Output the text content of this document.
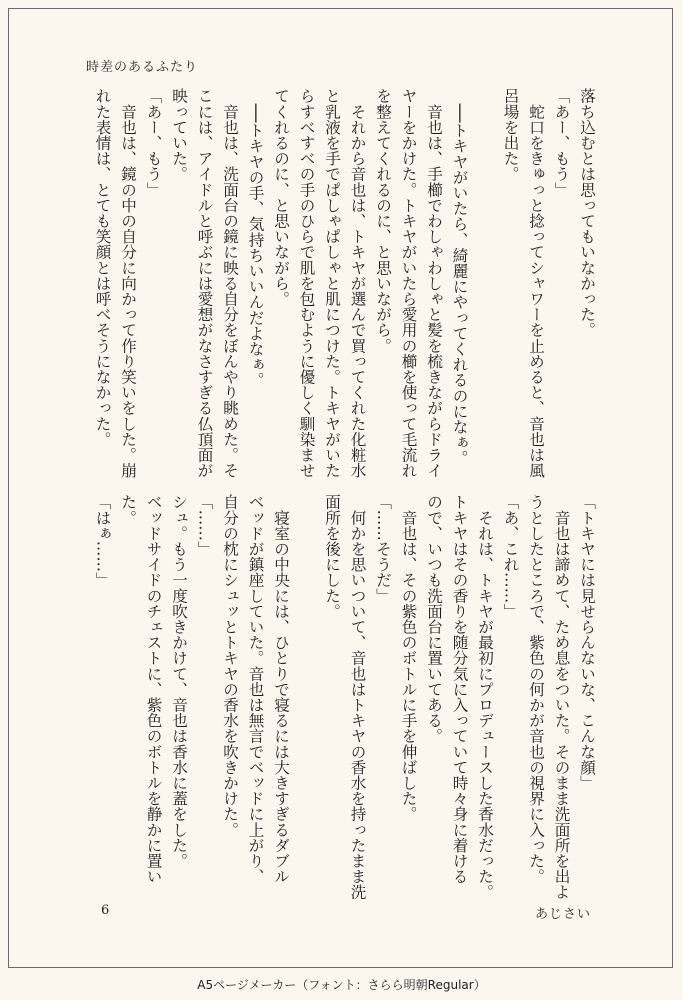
時差のあるふたり
落ち込むとは思ってもいなかった。
「あー、もう」
　蛇口をきゅっと捻ってシャワーを止めると、音也は風
呂場を出た。
　──トキヤがいたら、綺麗にやってくれるのになぁ。
　音也は、手櫛でわしゃわしゃと髪を梳きながらドライ
ヤーをかけた。トキヤがいたら愛用の櫛を使って毛流れ
を整えてくれるのに、と思いながら。
　それから音也は、トキヤが選んで買ってくれた化粧水
と乳液を手でぱしゃぱしゃと肌につけた。トキヤがいた
らすべすべの手のひらで肌を包むように優しく馴染ませ
てくれるのに、と思いながら。
　──トキヤの手、気持ちいいんだよなぁ。
　音也は、洗面台の鏡に映る自分をぼんやり眺めた。そ
こには、アイドルと呼ぶには愛想がなさすぎる仏頂面が
映っていた。
「あー、もう」
　音也は、鏡の中の自分に向かって作り笑いをした。崩
れた表情は、とても笑顔とは呼べそうになかった。
「トキヤには見せらんないな、こんな顔」
　音也は諦めて、ため息をついた。そのまま洗面所を出よ
うとしたところで、紫色の何かが音也の視界に入った。
「あ、これ……」
　それは、トキヤが最初にプロデュースした香水だった。
トキヤはその香りを随分気に入っていて時々身に着ける
ので、いつも洗面台に置いてある。
　音也は、その紫色のボトルに手を伸ばした。
「……そうだ」
　何かを思いついて、音也はトキヤの香水を持ったまま洗
面所を後にした。
　寝室の中央には、ひとりで寝るには大きすぎるダブル
ベッドが鎮座していた。音也は無言でベッドに上がり、
自分の枕にシュッとトキヤの香水を吹きかけた。
「……」
シュ。もう一度吹きかけて、音也は香水に蓋をした。
ベッドサイドのチェストに、紫色のボトルを静かに置い
た。
「はぁ……」
6	あじさい
A5ページメーカー（フォント：さらら明朝Regular）
